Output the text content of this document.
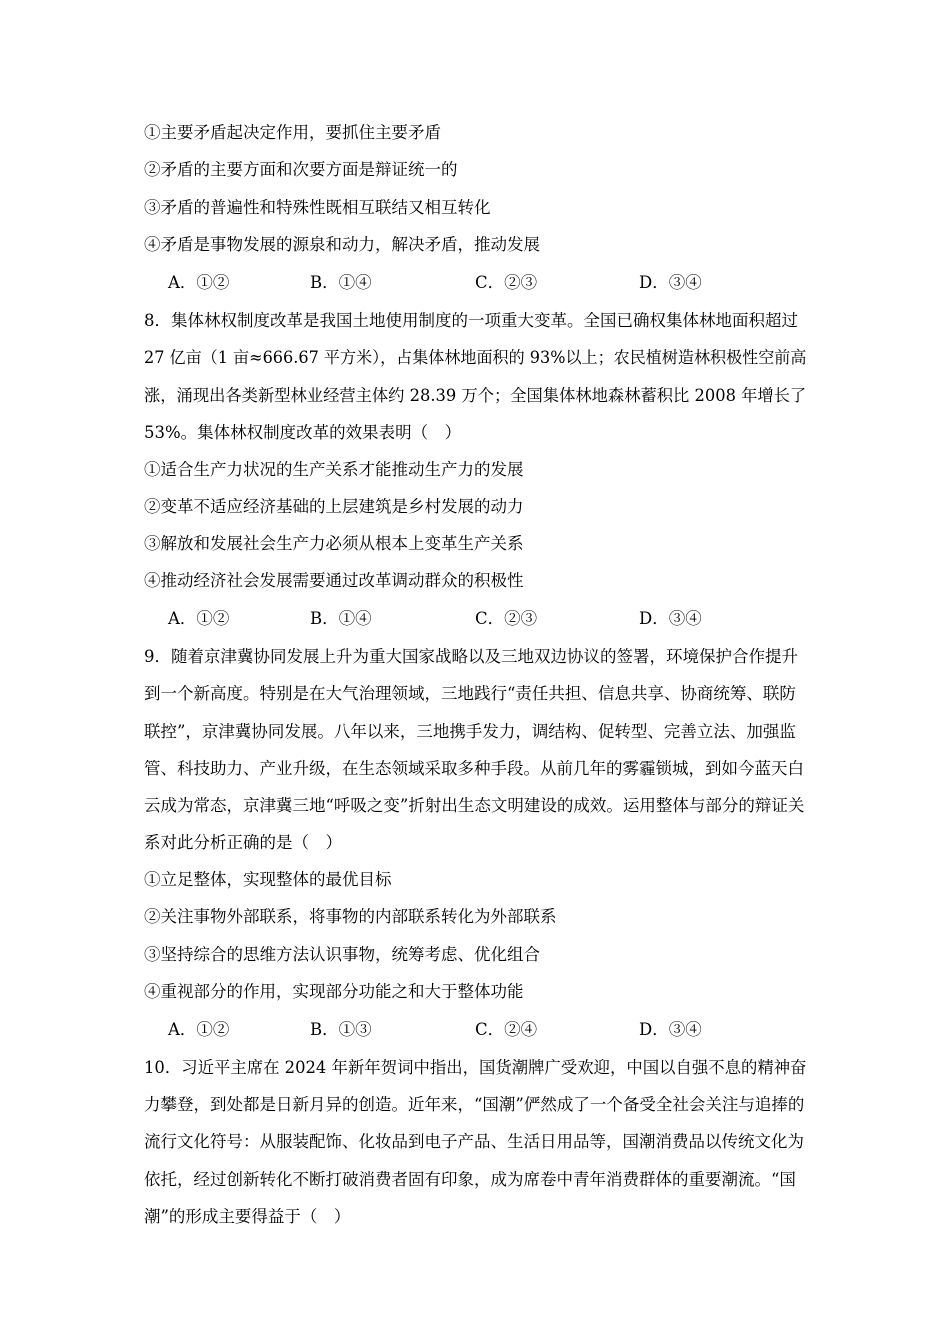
①主要矛盾起决定作用，要抓住主要矛盾
②矛盾的主要方面和次要方面是辩证统一的
③矛盾的普遍性和特殊性既相互联结又相互转化
④矛盾是事物发展的源泉和动力，解决矛盾，推动发展
A．①②	B．①④	C．②③	D．③④
8．集体林权制度改革是我国土地使用制度的一项重大变革。全国已确权集体林地面积超过
27 亿亩（1 亩≈666.67 平方米），占集体林地面积的 93%以上；农民植树造林积极性空前高
涨，涌现出各类新型林业经营主体约 28.39 万个；全国集体林地森林蓄积比 2008 年增长了
53%。集体林权制度改革的效果表明（　）
①适合生产力状况的生产关系才能推动生产力的发展
②变革不适应经济基础的上层建筑是乡村发展的动力
③解放和发展社会生产力必须从根本上变革生产关系
④推动经济社会发展需要通过改革调动群众的积极性
A．①②	B．①④	C．②③	D．③④
9．随着京津冀协同发展上升为重大国家战略以及三地双边协议的签署，环境保护合作提升
到一个新高度。特别是在大气治理领域，三地践行“责任共担、信息共享、协商统筹、联防
联控”，京津冀协同发展。八年以来，三地携手发力，调结构、促转型、完善立法、加强监
管、科技助力、产业升级，在生态领域采取多种手段。从前几年的雾霾锁城，到如今蓝天白
云成为常态，京津冀三地“呼吸之变”折射出生态文明建设的成效。运用整体与部分的辩证关
系对此分析正确的是（　）
①立足整体，实现整体的最优目标
②关注事物外部联系，将事物的内部联系转化为外部联系
③坚持综合的思维方法认识事物，统筹考虑、优化组合
④重视部分的作用，实现部分功能之和大于整体功能
A．①②	B．①③	C．②④	D．③④
10．习近平主席在 2024 年新年贺词中指出，国货潮牌广受欢迎，中国以自强不息的精神奋
力攀登，到处都是日新月异的创造。近年来，“国潮”俨然成了一个备受全社会关注与追捧的
流行文化符号：从服装配饰、化妆品到电子产品、生活日用品等，国潮消费品以传统文化为
依托，经过创新转化不断打破消费者固有印象，成为席卷中青年消费群体的重要潮流。“国
潮”的形成主要得益于（　）
